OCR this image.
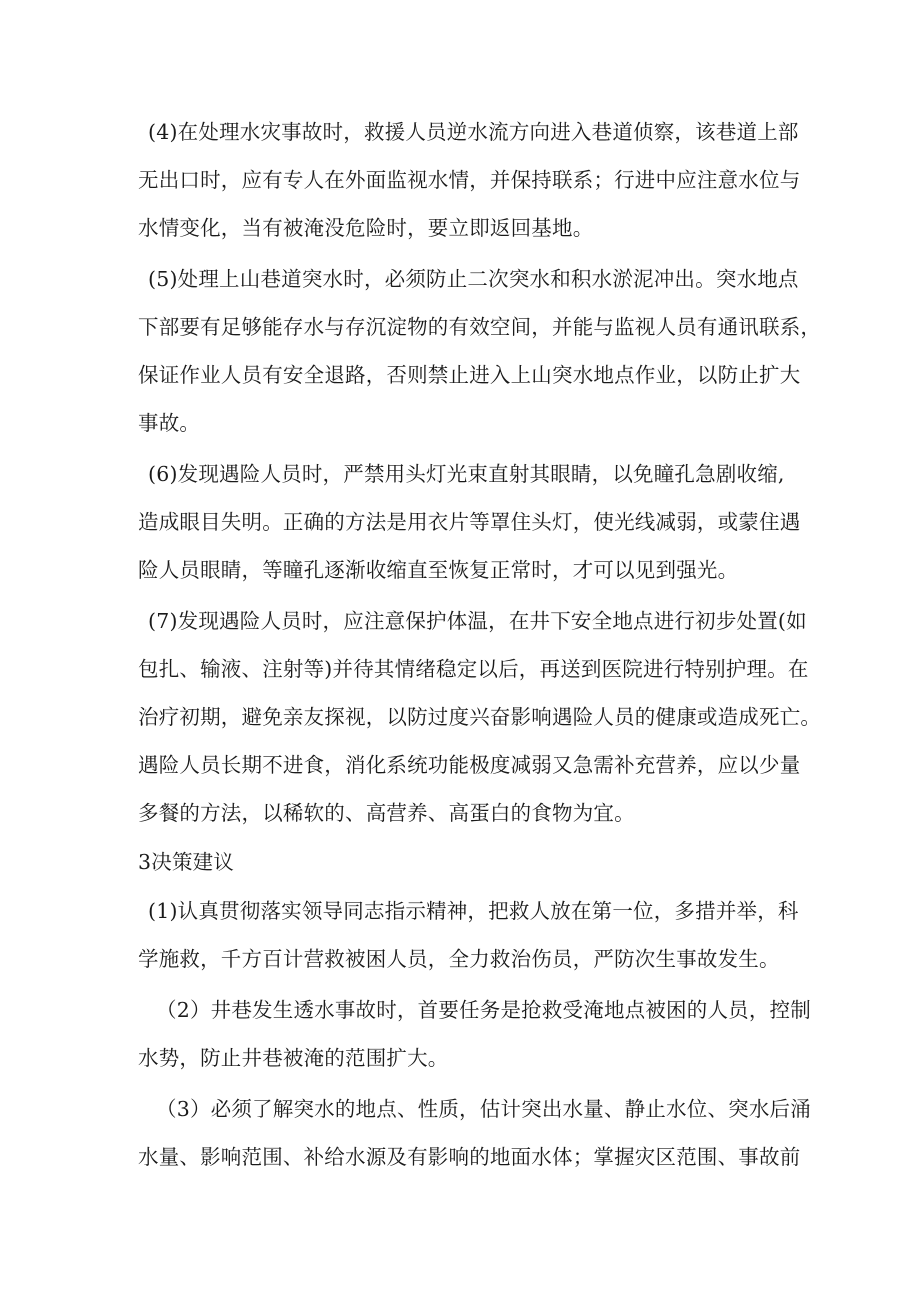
(4)在处理水灾事故时，救援人员逆水流方向进入巷道侦察，该巷道上部

无出口时，应有专人在外面监视水情，并保持联系；行进中应注意水位与

水情变化，当有被淹没危险时，要立即返回基地。

(5)处理上山巷道突水时，必须防止二次突水和积水淤泥冲出。突水地点

下部要有足够能存水与存沉淀物的有效空间，并能与监视人员有通讯联系，

保证作业人员有安全退路，否则禁止进入上山突水地点作业，以防止扩大

事故。

(6)发现遇险人员时，严禁用头灯光束直射其眼睛，以免瞳孔急剧收缩,

造成眼目失明。正确的方法是用衣片等罩住头灯，使光线减弱，或蒙住遇

险人员眼睛，等瞳孔逐渐收缩直至恢复正常时，才可以见到强光。

(7)发现遇险人员时，应注意保护体温，在井下安全地点进行初步处置(如

包扎、输液、注射等)并待其情绪稳定以后，再送到医院进行特别护理。在

治疗初期，避免亲友探视，以防过度兴奋影响遇险人员的健康或造成死亡。

遇险人员长期不进食，消化系统功能极度减弱又急需补充营养，应以少量

多餐的方法，以稀软的、高营养、高蛋白的食物为宜。

3决策建议

(1)认真贯彻落实领导同志指示精神，把救人放在第一位，多措并举，科

学施救，千方百计营救被困人员，全力救治伤员，严防次生事故发生。

（2）井巷发生透水事故时，首要任务是抢救受淹地点被困的人员，控制

水势，防止井巷被淹的范围扩大。

（3）必须了解突水的地点、性质，估计突出水量、静止水位、突水后涌

水量、影响范围、补给水源及有影响的地面水体；掌握灾区范围、事故前
